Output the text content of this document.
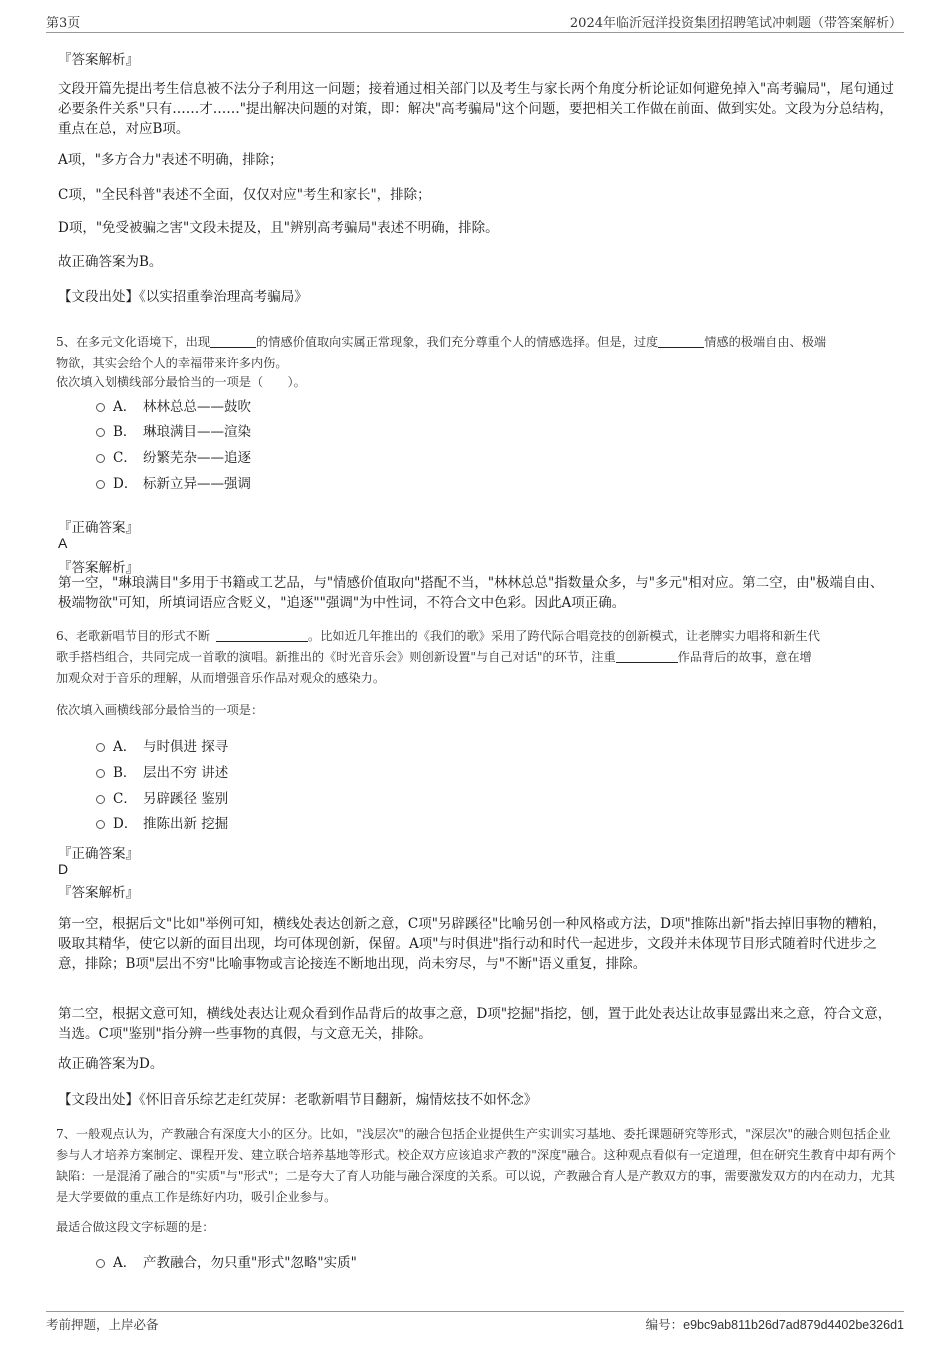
第3页	2024年临沂冠洋投资集团招聘笔试冲刺题（带答案解析）
『答案解析』
文段开篇先提出考生信息被不法分子利用这一问题；接着通过相关部门以及考生与家长两个角度分析论证如何避免掉入"高考骗局"，尾句通过必要条件关系"只有……才……"提出解决问题的对策，即：解决"高考骗局"这个问题，要把相关工作做在前面、做到实处。文段为分总结构，重点在总，对应B项。
A项，"多方合力"表述不明确，排除；
C项，"全民科普"表述不全面，仅仅对应"考生和家长"，排除；
D项，"免受被骗之害"文段未提及，且"辨别高考骗局"表述不明确，排除。
故正确答案为B。
【文段出处】《以实招重拳治理高考骗局》
5、在多元文化语境下，出现	的情感价值取向实属正常现象，我们充分尊重个人的情感选择。但是，过度	情感的极端自由、极端
物欲，其实会给个人的幸福带来许多内伤。
依次填入划横线部分最恰当的一项是（　　）。
A． 林林总总——鼓吹
B． 琳琅满目——渲染
C． 纷繁芜杂——追逐
D． 标新立异——强调
『正确答案』
A
『答案解析』
第一空，"琳琅满目"多用于书籍或工艺品，与"情感价值取向"搭配不当，"林林总总"指数量众多，与"多元"相对应。第二空，由"极端自由、极端物欲"可知，所填词语应含贬义，"追逐""强调"为中性词，不符合文中色彩。因此A项正确。
6、老歌新唱节目的形式不断	。比如近几年推出的《我们的歌》采用了跨代际合唱竞技的创新模式，让老牌实力唱将和新生代
歌手搭档组合，共同完成一首歌的演唱。新推出的《时光音乐会》则创新设置"与自己对话"的环节，注重	作品背后的故事，意在增
加观众对于音乐的理解，从而增强音乐作品对观众的感染力。
依次填入画横线部分最恰当的一项是：
A． 与时俱进 探寻
B． 层出不穷 讲述
C． 另辟蹊径 鉴别
D． 推陈出新 挖掘
『正确答案』
D
『答案解析』
第一空，根据后文"比如"举例可知，横线处表达创新之意，C项"另辟蹊径"比喻另创一种风格或方法，D项"推陈出新"指去掉旧事物的糟粕，吸取其精华，使它以新的面目出现，均可体现创新，保留。A项"与时俱进"指行动和时代一起进步，文段并未体现节目形式随着时代进步之意，排除；B项"层出不穷"比喻事物或言论接连不断地出现，尚未穷尽，与"不断"语义重复，排除。
第二空，根据文意可知，横线处表达让观众看到作品背后的故事之意，D项"挖掘"指挖，刨，置于此处表达让故事显露出来之意，符合文意，当选。C项"鉴别"指分辨一些事物的真假，与文意无关，排除。
故正确答案为D。
【文段出处】《怀旧音乐综艺走红荧屏：老歌新唱节目翻新，煽情炫技不如怀念》
7、一般观点认为，产教融合有深度大小的区分。比如，"浅层次"的融合包括企业提供生产实训实习基地、委托课题研究等形式，"深层次"的融合则包括企业参与人才培养方案制定、课程开发、建立联合培养基地等形式。校企双方应该追求产教的"深度"融合。这种观点看似有一定道理，但在研究生教育中却有两个缺陷：一是混淆了融合的"实质"与"形式"；二是夸大了育人功能与融合深度的关系。可以说，产教融合育人是产教双方的事，需要激发双方的内在动力，尤其是大学要做的重点工作是练好内功，吸引企业参与。
最适合做这段文字标题的是：
A． 产教融合，勿只重"形式"忽略"实质"
考前押题，上岸必备	编号：e9bc9ab811b26d7ad879d4402be326d1
